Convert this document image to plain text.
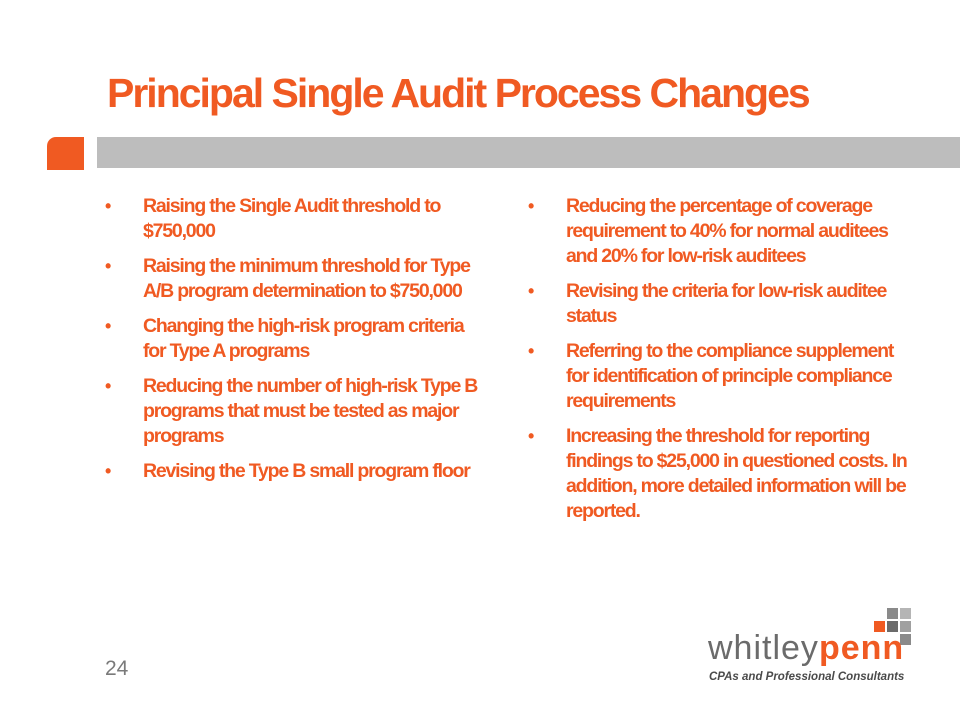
Principal Single Audit Process Changes
• Raising the Single Audit threshold to $750,000
• Raising the minimum threshold for Type A/B program determination to $750,000
• Changing the high-risk program criteria for Type A programs
• Reducing the number of high-risk Type B programs that must be tested as major programs
• Revising the Type B small program floor
• Reducing the percentage of coverage requirement to 40% for normal auditees and 20% for low-risk auditees
• Revising the criteria for low-risk auditee status
• Referring to the compliance supplement for identification of principle compliance requirements
• Increasing the threshold for reporting findings to $25,000 in questioned costs. In addition, more detailed information will be reported.
24
whitleypenn
CPAs and Professional Consultants
